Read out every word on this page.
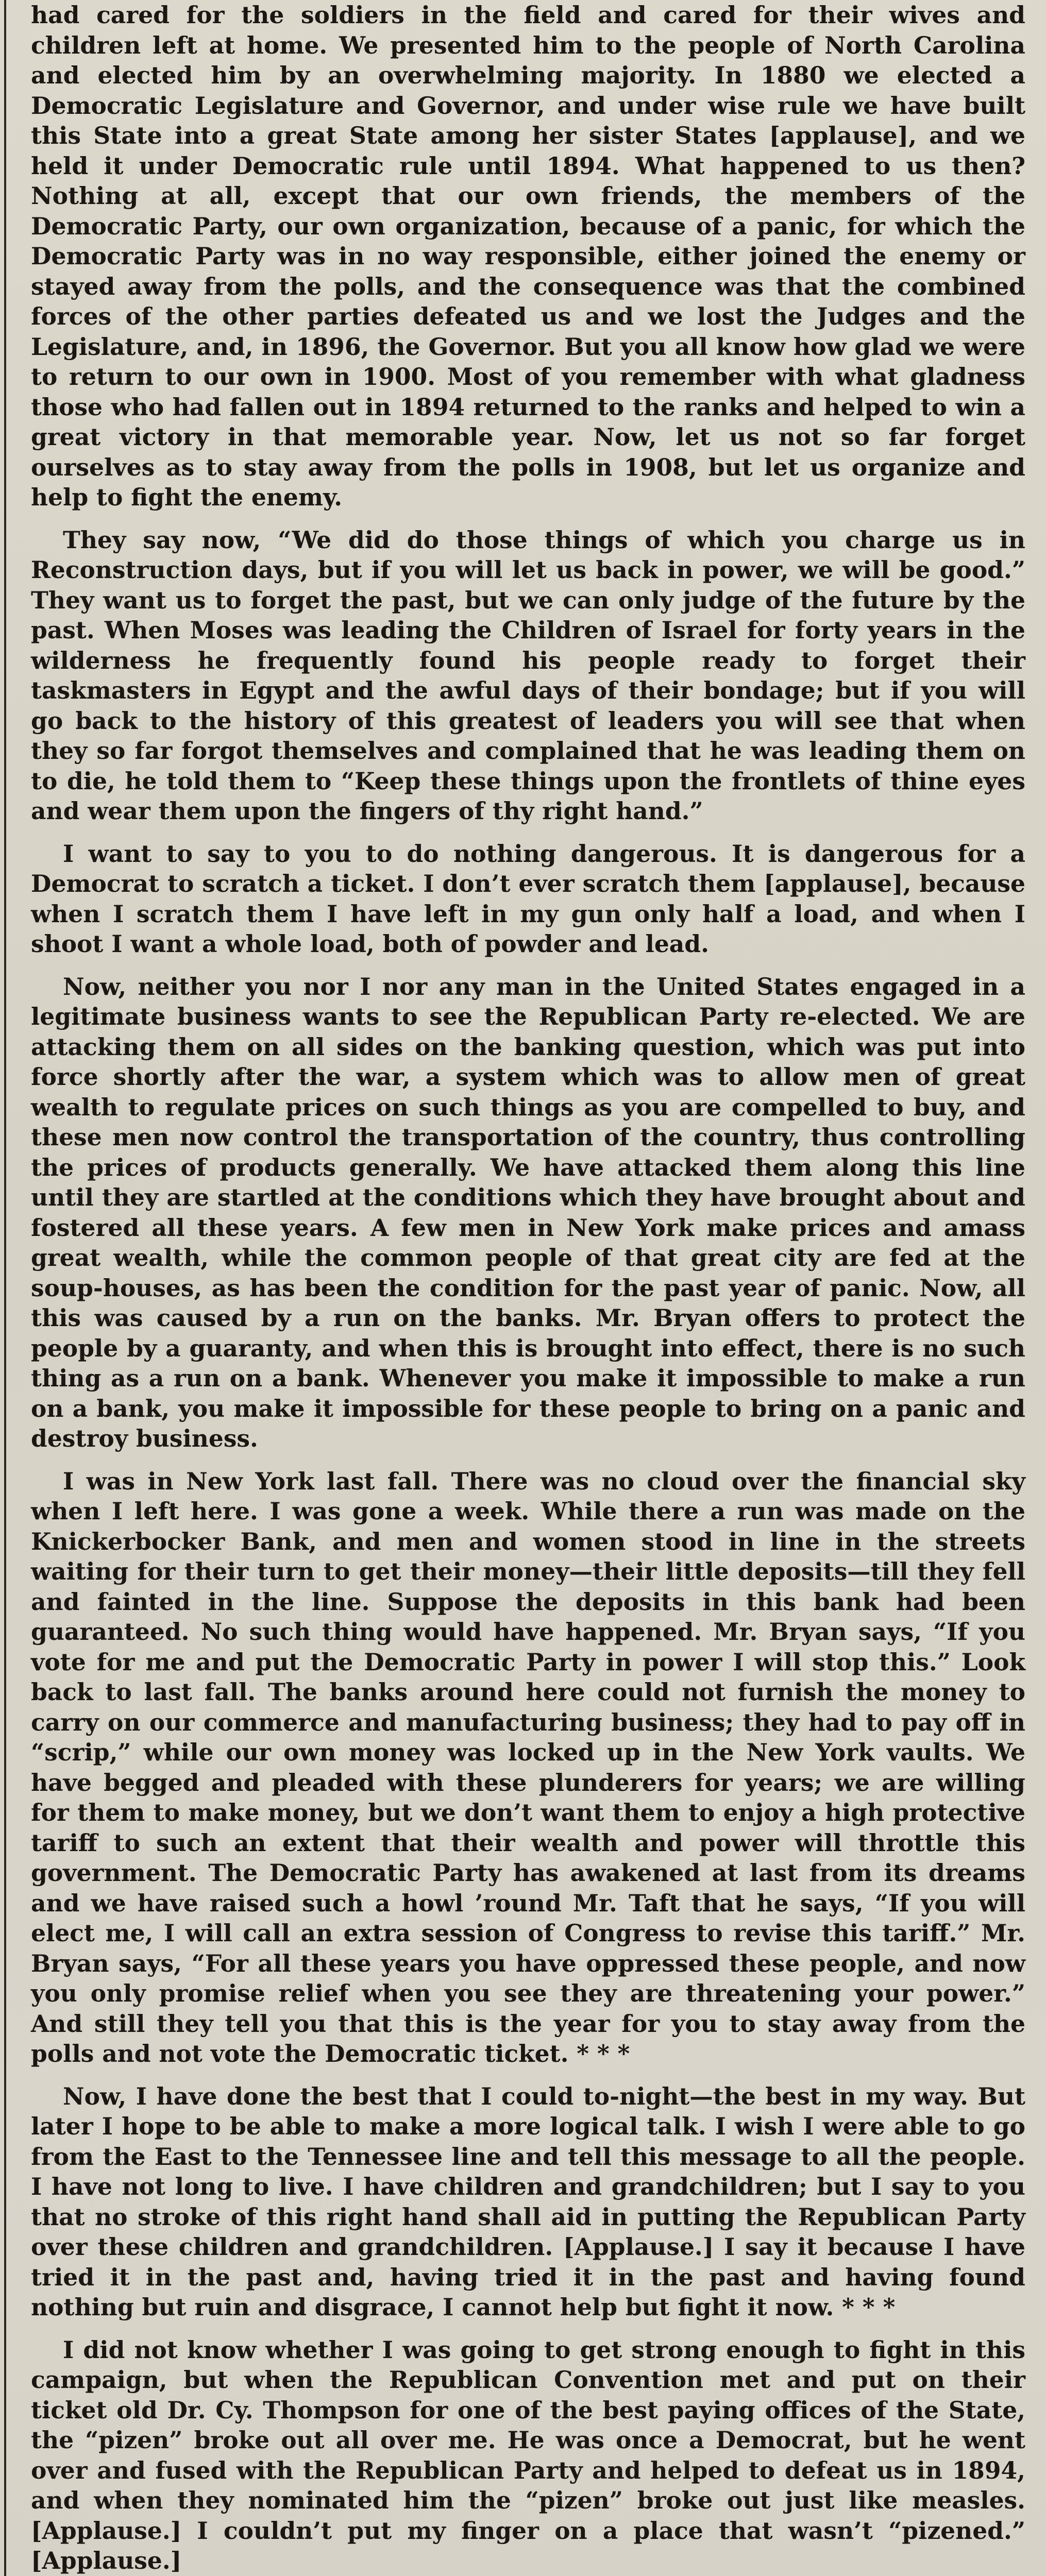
had cared for the soldiers in the field and cared for their wives and children left at home. We presented him to the people of North Carolina and elected him by an overwhelming majority. In 1880 we elected a Democratic Legislature and Governor, and under wise rule we have built this State into a great State among her sister States [applause], and we held it under Democratic rule until 1894. What happened to us then? Nothing at all, except that our own friends, the members of the Democratic Party, our own organization, because of a panic, for which the Democratic Party was in no way responsible, either joined the enemy or stayed away from the polls, and the consequence was that the combined forces of the other parties defeated us and we lost the Judges and the Legislature, and, in 1896, the Governor. But you all know how glad we were to return to our own in 1900. Most of you remember with what gladness those who had fallen out in 1894 returned to the ranks and helped to win a great victory in that memorable year. Now, let us not so far forget ourselves as to stay away from the polls in 1908, but let us organize and help to fight the enemy.

They say now, “We did do those things of which you charge us in Reconstruction days, but if you will let us back in power, we will be good.” They want us to forget the past, but we can only judge of the future by the past. When Moses was leading the Children of Israel for forty years in the wilderness he frequently found his people ready to forget their taskmasters in Egypt and the awful days of their bondage; but if you will go back to the history of this greatest of leaders you will see that when they so far forgot themselves and complained that he was leading them on to die, he told them to “Keep these things upon the frontlets of thine eyes and wear them upon the fingers of thy right hand.”

I want to say to you to do nothing dangerous. It is dangerous for a Democrat to scratch a ticket. I don’t ever scratch them [applause], because when I scratch them I have left in my gun only half a load, and when I shoot I want a whole load, both of powder and lead.

Now, neither you nor I nor any man in the United States engaged in a legitimate business wants to see the Republican Party re-elected. We are attacking them on all sides on the banking question, which was put into force shortly after the war, a system which was to allow men of great wealth to regulate prices on such things as you are compelled to buy, and these men now control the transportation of the country, thus controlling the prices of products generally. We have attacked them along this line until they are startled at the conditions which they have brought about and fostered all these years. A few men in New York make prices and amass great wealth, while the common people of that great city are fed at the soup-houses, as has been the condition for the past year of panic. Now, all this was caused by a run on the banks. Mr. Bryan offers to protect the people by a guaranty, and when this is brought into effect, there is no such thing as a run on a bank. Whenever you make it impossible to make a run on a bank, you make it impossible for these people to bring on a panic and destroy business.

I was in New York last fall. There was no cloud over the financial sky when I left here. I was gone a week. While there a run was made on the Knickerbocker Bank, and men and women stood in line in the streets waiting for their turn to get their money—their little deposits—till they fell and fainted in the line. Suppose the deposits in this bank had been guaranteed. No such thing would have happened. Mr. Bryan says, “If you vote for me and put the Democratic Party in power I will stop this.” Look back to last fall. The banks around here could not furnish the money to carry on our commerce and manufacturing business; they had to pay off in “scrip,” while our own money was locked up in the New York vaults. We have begged and pleaded with these plunderers for years; we are willing for them to make money, but we don’t want them to enjoy a high protective tariff to such an extent that their wealth and power will throttle this government. The Democratic Party has awakened at last from its dreams and we have raised such a howl ’round Mr. Taft that he says, “If you will elect me, I will call an extra session of Congress to revise this tariff.” Mr. Bryan says, “For all these years you have oppressed these people, and now you only promise relief when you see they are threatening your power.” And still they tell you that this is the year for you to stay away from the polls and not vote the Democratic ticket. * * *

Now, I have done the best that I could to-night—the best in my way. But later I hope to be able to make a more logical talk. I wish I were able to go from the East to the Tennessee line and tell this message to all the people. I have not long to live. I have children and grandchildren; but I say to you that no stroke of this right hand shall aid in putting the Republican Party over these children and grandchildren. [Applause.] I say it because I have tried it in the past and, having tried it in the past and having found nothing but ruin and disgrace, I cannot help but fight it now. * * *

I did not know whether I was going to get strong enough to fight in this campaign, but when the Republican Convention met and put on their ticket old Dr. Cy. Thompson for one of the best paying offices of the State, the “pizen” broke out all over me. He was once a Democrat, but he went over and fused with the Republican Party and helped to defeat us in 1894, and when they nominated him the “pizen” broke out just like measles. [Applause.] I couldn’t put my finger on a place that wasn’t “pizened.” [Applause.]
